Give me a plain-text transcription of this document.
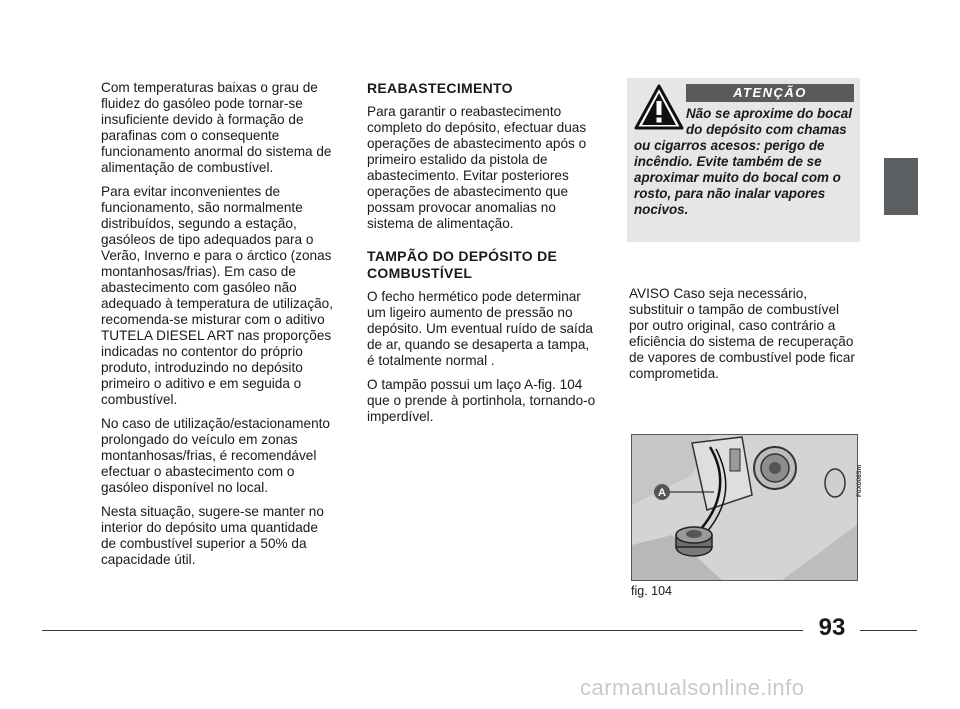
Com temperaturas baixas o grau de fluidez do gasóleo pode tornar-se insuficiente devido à formação de parafinas com o consequente funcionamento anormal do sistema de alimentação de combustível.

Para evitar inconvenientes de funcionamento, são normalmente distribuídos, segundo a estação, gasóleos de tipo adequados para o Verão, Inverno e para o árctico (zonas montanhosas/frias). Em caso de abastecimento com gasóleo não adequado à temperatura de utilização, recomenda-se misturar com o aditivo TUTELA DIESEL ART nas proporções indicadas no contentor do próprio produto, introduzindo no depósito primeiro o aditivo e em seguida o combustível.

No caso de utilização/estacionamento prolongado do veículo em zonas montanhosas/frias, é recomendável efectuar o abastecimento com o gasóleo disponível no local.

Nesta situação, sugere-se manter no interior do depósito uma quantidade de combustível superior a 50% da capacidade útil.

REABASTECIMENTO

Para garantir o reabastecimento completo do depósito, efectuar duas operações de abastecimento após o primeiro estalido da pistola de abastecimento. Evitar posteriores operações de abastecimento que possam provocar anomalias no sistema de alimentação.

TAMPÃO DO DEPÓSITO DE COMBUSTÍVEL

O fecho hermético pode determinar um ligeiro aumento de pressão no depósito. Um eventual ruído de saída de ar, quando se desaperta a tampa, é totalmente normal .

O tampão possui um laço A-fig. 104 que o prende à portinhola, tornando-o imperdível.

ATENÇÃO
Não se aproxime do bocal do depósito com chamas ou cigarros acesos: perigo de incêndio. Evite também de se aproximar muito do bocal com o rosto, para não inalar vapores nocivos.

AVISO Caso seja necessário, substituir o tampão de combustível por outro original, caso contrário a eficiência do sistema de recuperação de vapores de combustível pode ficar comprometida.

A	F0X0065m
fig. 104
93
carmanualsonline.info
